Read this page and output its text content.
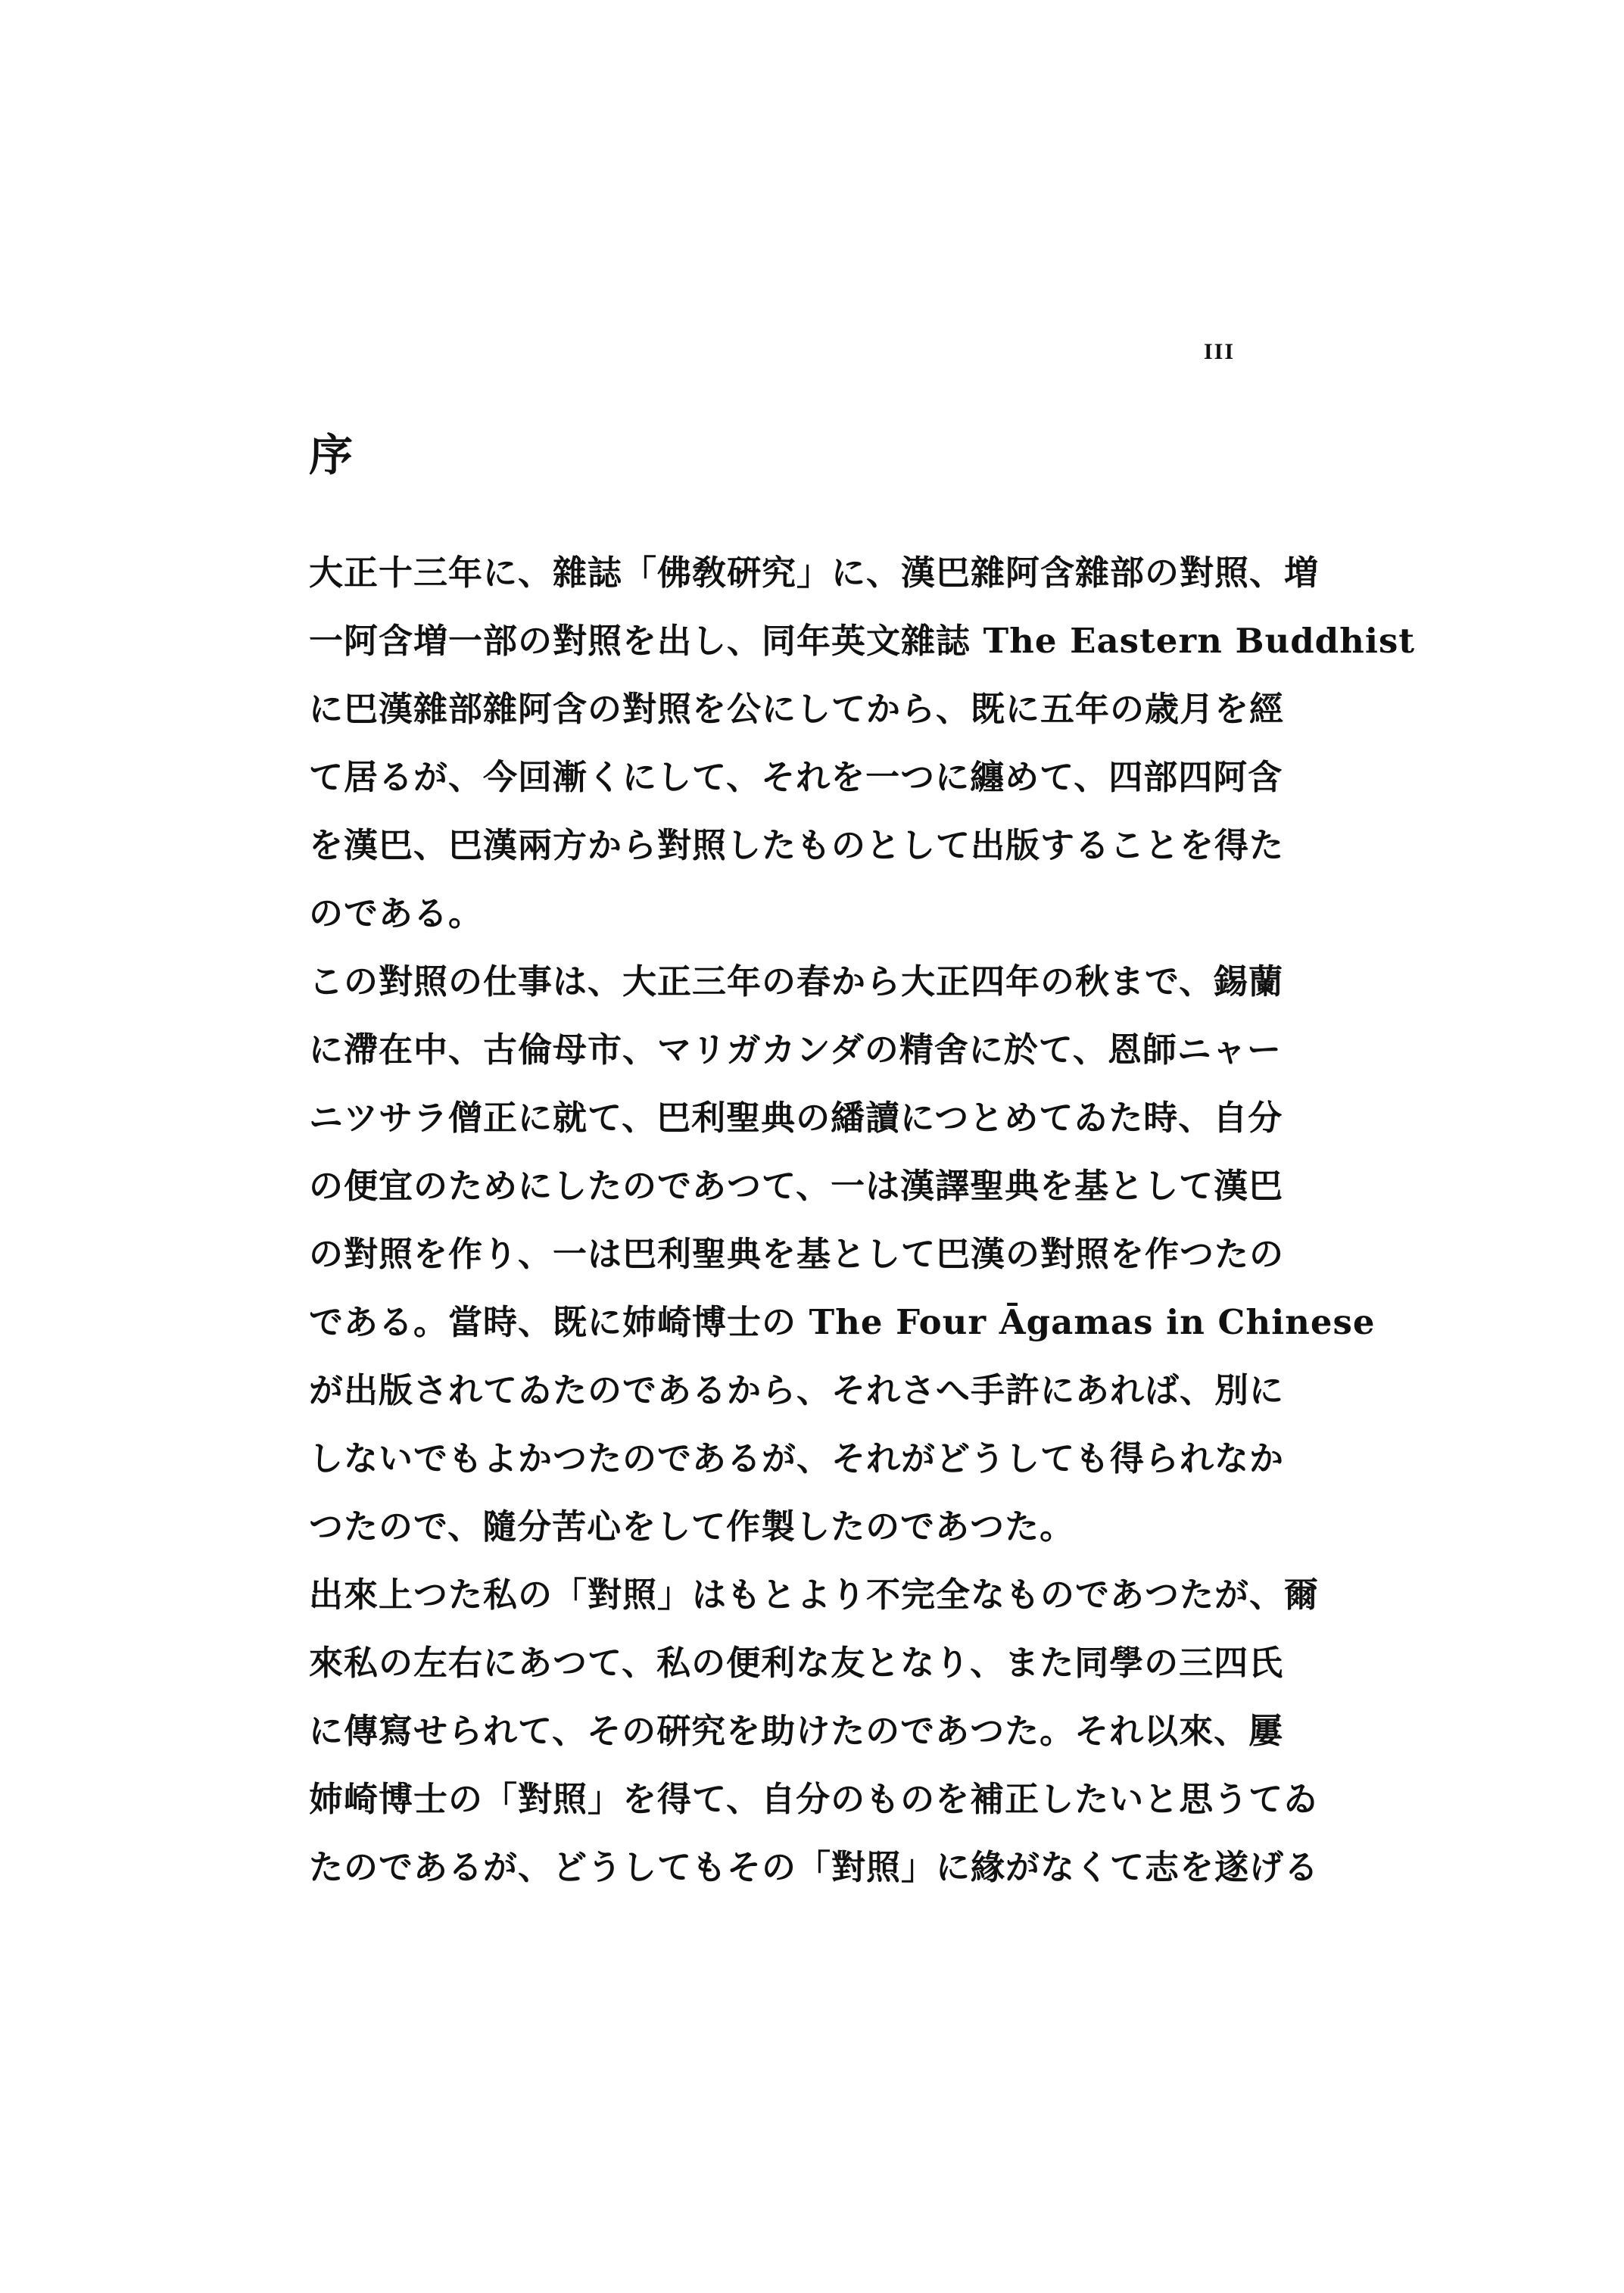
III
序
大正十三年に、雜誌「佛敎硏究」に、漢巴雜阿含雜部の對照、増
一阿含増一部の對照を出し、同年英文雜誌 The Eastern Buddhist
に巴漢雜部雜阿含の對照を公にしてから、既に五年の歳月を經
て居るが、今回漸くにして、それを一つに纏めて、四部四阿含
を漢巴、巴漢兩方から對照したものとして出版することを得た
のである。
この對照の仕事は、大正三年の春から大正四年の秋まで、錫蘭
に滯在中、古倫母市、マリガカンダの精舍に於て、恩師ニャー
ニツサラ僧正に就て、巴利聖典の繙讀につとめてゐた時、自分
の便宜のためにしたのであつて、一は漢譯聖典を基として漢巴
の對照を作り、一は巴利聖典を基として巴漢の對照を作つたの
である。當時、既に姉崎博士の The Four Āgamas in Chinese
が出版されてゐたのであるから、それさへ手許にあれば、別に
しないでもよかつたのであるが、それがどうしても得られなか
つたので、隨分苦心をして作製したのであつた。
出來上つた私の「對照」はもとより不完全なものであつたが、爾
來私の左右にあつて、私の便利な友となり、また同學の三四氏
に傳寫せられて、その硏究を助けたのであつた。それ以來、屢
姉崎博士の「對照」を得て、自分のものを補正したいと思うてゐ
たのであるが、どうしてもその「對照」に緣がなくて志を遂げる
